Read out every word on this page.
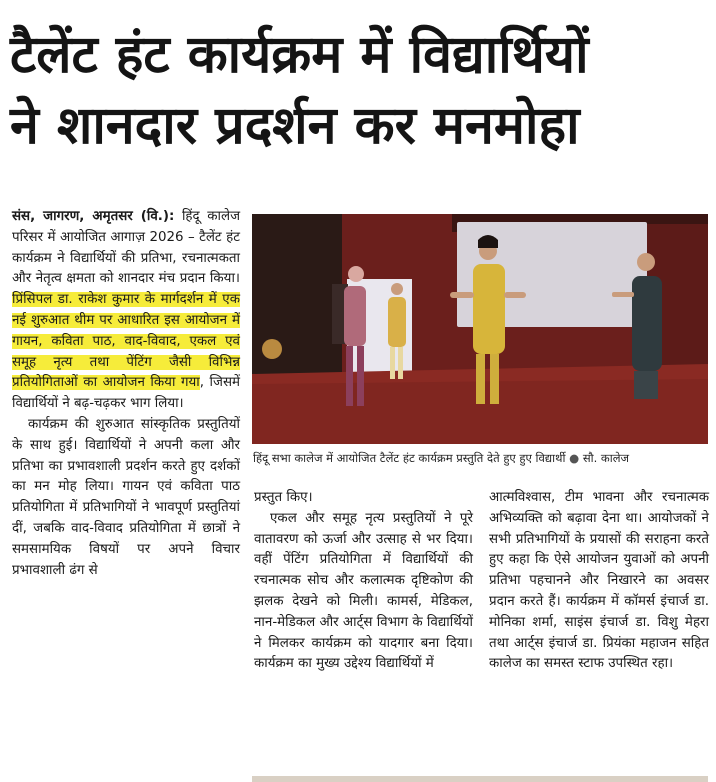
टैलेंट हंट कार्यक्रम में विद्यार्थियों
ने शानदार प्रदर्शन कर मनमोहा

संस, जागरण, अमृतसर (वि.): हिंदू कालेज परिसर में आयोजित आगाज़ 2026 – टैलेंट हंट कार्यक्रम ने विद्यार्थियों की प्रतिभा, रचनात्मकता और नेतृत्व क्षमता को शानदार मंच प्रदान किया। प्रिंसिपल डा. राकेश कुमार के मार्गदर्शन में एक नई शुरुआत थीम पर आधारित इस आयोजन में गायन, कविता पाठ, वाद-विवाद, एकल एवं समूह नृत्य तथा पेंटिंग जैसी विभिन्न प्रतियोगिताओं का आयोजन किया गया, जिसमें विद्यार्थियों ने बढ़-चढ़कर भाग लिया।

कार्यक्रम की शुरुआत सांस्कृतिक प्रस्तुतियों के साथ हुई। विद्यार्थियों ने अपनी कला और प्रतिभा का प्रभावशाली प्रदर्शन करते हुए दर्शकों का मन मोह लिया। गायन एवं कविता पाठ प्रतियोगिता में प्रतिभागियों ने भावपूर्ण प्रस्तुतियां दीं, जबकि वाद-विवाद प्रतियोगिता में छात्रों ने समसामयिक विषयों पर अपने विचार प्रभावशाली ढंग से

हिंदू सभा कालेज में आयोजित टैलेंट हंट कार्यक्रम प्रस्तुति देते हुए हुए विद्यार्थी ● सौ. कालेज

प्रस्तुत किए।

एकल और समूह नृत्य प्रस्तुतियों ने पूरे वातावरण को ऊर्जा और उत्साह से भर दिया। वहीं पेंटिंग प्रतियोगिता में विद्यार्थियों की रचनात्मक सोच और कलात्मक दृष्टिकोण की झलक देखने को मिली। कामर्स, मेडिकल, नान-मेडिकल और आर्ट्स विभाग के विद्यार्थियों ने मिलकर कार्यक्रम को यादगार बना दिया। कार्यक्रम का मुख्य उद्देश्य विद्यार्थियों में

आत्मविश्वास, टीम भावना और रचनात्मक अभिव्यक्ति को बढ़ावा देना था। आयोजकों ने सभी प्रतिभागियों के प्रयासों की सराहना करते हुए कहा कि ऐसे आयोजन युवाओं को अपनी प्रतिभा पहचानने और निखारने का अवसर प्रदान करते हैं। कार्यक्रम में कॉमर्स इंचार्ज डा. मोनिका शर्मा, साइंस इंचार्ज डा. विशु मेहरा तथा आर्ट्स इंचार्ज डा. प्रियंका महाजन सहित कालेज का समस्त स्टाफ उपस्थित रहा।
